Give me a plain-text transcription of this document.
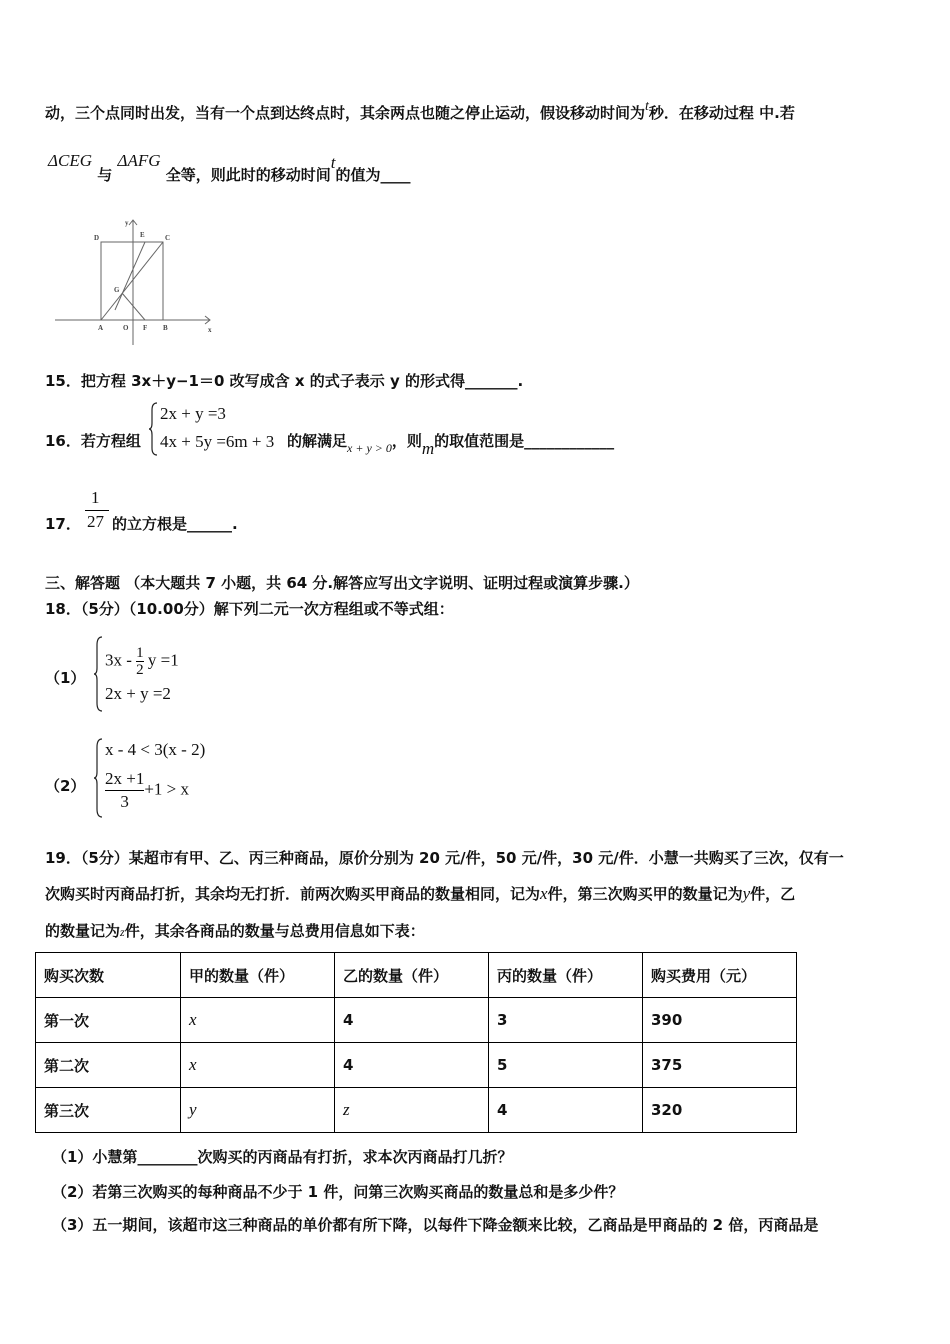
动，三个点同时出发，当有一个点到达终点时，其余两点也随之停止运动，假设移动时间为t秒．在移动过程 中.若
ΔCEG 与 ΔAFG 全等，则此时的移动时间t的值为____
D	E	C
G
A	O F B	x
y
15．把方程 3x＋y−1＝0 改写成含 x 的式子表示 y 的形式得_______.
16．若方程组
2x + y =3
4x + 5y =6m + 3 的解满足$_{x + y > 0}$，则m的取值范围是____________
17．
1
27 的立方根是______.
三、解答题 （本大题共 7 小题，共 64 分.解答应写出文字说明、证明过程或演算步骤.）
18．（5分）（10.00分）解下列二元一次方程组或不等式组：
（1）
$3x - \frac{1}{2}$ y =1
2x + y =2
（2）
x - 4 < 3(x - 2)
$\frac{2x +1}{3} +1 > x$
19．（5分）某超市有甲、乙、丙三种商品，原价分别为 20 元/件，50 元/件，30 元/件．小慧一共购买了三次，仅有一
次购买时丙商品打折，其余均无打折．前两次购买甲商品的数量相同，记为x件，第三次购买甲的数量记为y件，乙
的数量记为z件，其余各商品的数量与总费用信息如下表：
购买次数	甲的数量（件）	乙的数量（件）	丙的数量（件）	购买费用（元）
第一次	x	4	3	390
第二次	x	4	5	375
第三次	y	z	4	320
（1）小慧第________次购买的丙商品有打折，求本次丙商品打几折？
（2）若第三次购买的每种商品不少于 1 件，问第三次购买商品的数量总和是多少件？
（3）五一期间，该超市这三种商品的单价都有所下降，以每件下降金额来比较，乙商品是甲商品的 2 倍，丙商品是
